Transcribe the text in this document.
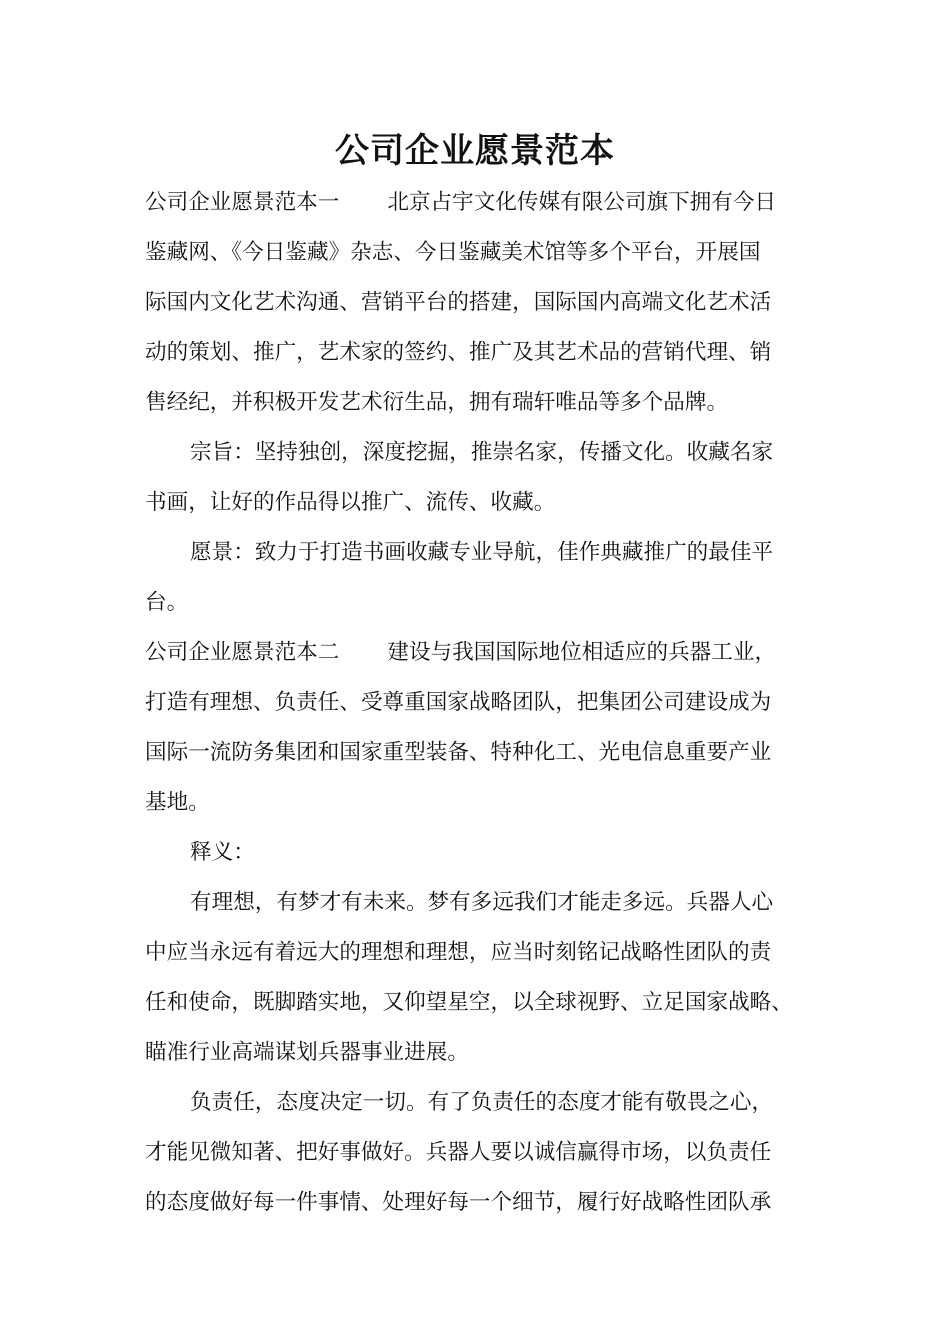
公司企业愿景范本
公司企业愿景范本一 北京占宇文化传媒有限公司旗下拥有今日
鉴藏网、《今日鉴藏》杂志、今日鉴藏美术馆等多个平台，开展国
际国内文化艺术沟通、营销平台的搭建，国际国内高端文化艺术活
动的策划、推广，艺术家的签约、推广及其艺术品的营销代理、销
售经纪，并积极开发艺术衍生品，拥有瑞轩唯品等多个品牌。
宗旨：坚持独创，深度挖掘，推崇名家，传播文化。收藏名家
书画，让好的作品得以推广、流传、收藏。
愿景：致力于打造书画收藏专业导航，佳作典藏推广的最佳平
台。
公司企业愿景范本二 建设与我国国际地位相适应的兵器工业，
打造有理想、负责任、受尊重国家战略团队，把集团公司建设成为
国际一流防务集团和国家重型装备、特种化工、光电信息重要产业
基地。
释义：
有理想，有梦才有未来。梦有多远我们才能走多远。兵器人心
中应当永远有着远大的理想和理想，应当时刻铭记战略性团队的责
任和使命，既脚踏实地，又仰望星空，以全球视野、立足国家战略、
瞄准行业高端谋划兵器事业进展。
负责任，态度决定一切。有了负责任的态度才能有敬畏之心，
才能见微知著、把好事做好。兵器人要以诚信赢得市场，以负责任
的态度做好每一件事情、处理好每一个细节，履行好战略性团队承
